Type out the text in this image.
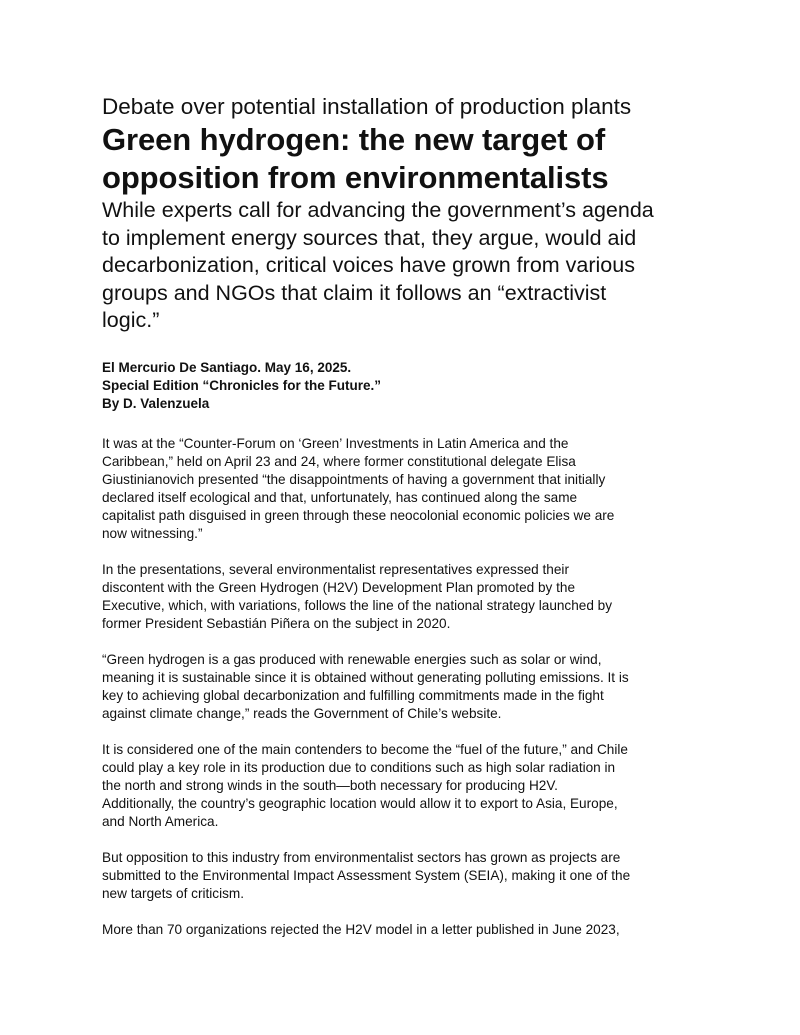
Debate over potential installation of production plants

Green hydrogen: the new target of
opposition from environmentalists

While experts call for advancing the government’s agenda
to implement energy sources that, they argue, would aid
decarbonization, critical voices have grown from various
groups and NGOs that claim it follows an “extractivist
logic.”

El Mercurio De Santiago. May 16, 2025.
Special Edition “Chronicles for the Future.”
By D. Valenzuela

It was at the “Counter-Forum on ‘Green’ Investments in Latin America and the
Caribbean,” held on April 23 and 24, where former constitutional delegate Elisa
Giustinianovich presented “the disappointments of having a government that initially
declared itself ecological and that, unfortunately, has continued along the same
capitalist path disguised in green through these neocolonial economic policies we are
now witnessing.”

In the presentations, several environmentalist representatives expressed their
discontent with the Green Hydrogen (H2V) Development Plan promoted by the
Executive, which, with variations, follows the line of the national strategy launched by
former President Sebastián Piñera on the subject in 2020.

“Green hydrogen is a gas produced with renewable energies such as solar or wind,
meaning it is sustainable since it is obtained without generating polluting emissions. It is
key to achieving global decarbonization and fulfilling commitments made in the fight
against climate change,” reads the Government of Chile’s website.

It is considered one of the main contenders to become the “fuel of the future,” and Chile
could play a key role in its production due to conditions such as high solar radiation in
the north and strong winds in the south—both necessary for producing H2V.
Additionally, the country’s geographic location would allow it to export to Asia, Europe,
and North America.

But opposition to this industry from environmentalist sectors has grown as projects are
submitted to the Environmental Impact Assessment System (SEIA), making it one of the
new targets of criticism.

More than 70 organizations rejected the H2V model in a letter published in June 2023,
